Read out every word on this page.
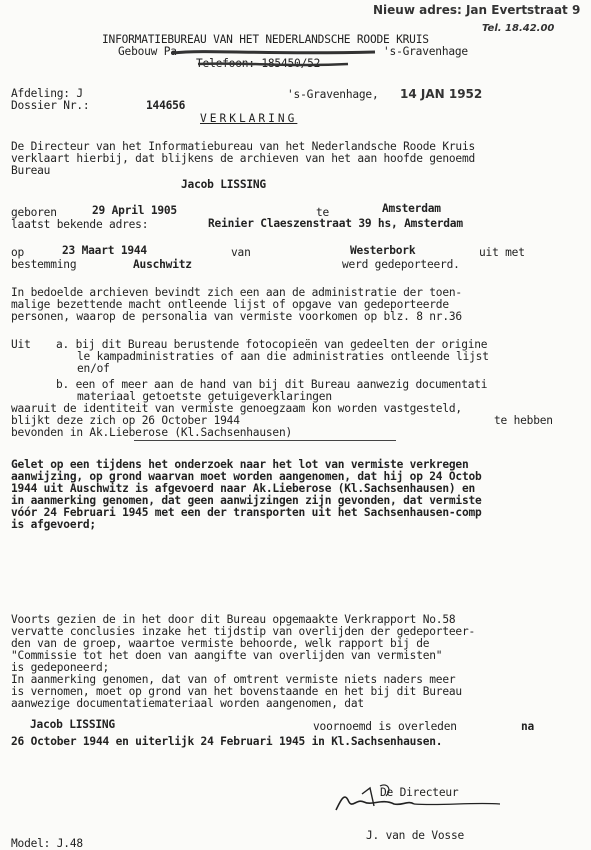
Nieuw adres: Jan Evertstraat 9
Tel. 18.42.00
INFORMATIEBUREAU VAN HET NEDERLANDSCHE ROODE KRUIS
Gebouw Pa	's-Gravenhage
Telefoon: 185450/52
Afdeling: J
Dossier Nr.:	144656
's-Gravenhage, 14 JAN 1952
VERKLARING
De Directeur van het Informatiebureau van het Nederlandsche Roode Kruis
verklaart hierbij, dat blijkens de archieven van het aan hoofde genoemd
Bureau
Jacob LISSING
geboren	29 April 1905	te	Amsterdam
laatst bekende adres:	Reinier Claeszenstraat 39 hs, Amsterdam
op	23 Maart 1944	van	Westerbork	uit met
bestemming	Auschwitz	werd gedeporteerd.
In bedoelde archieven bevindt zich een aan de administratie der toen-
malige bezettende macht ontleende lijst of opgave van gedeporteerde
personen, waarop de personalia van vermiste voorkomen op blz. 8 nr.36
Uit a. bij dit Bureau berustende fotocopieën van gedeelten der origine
le kampadministraties of aan die administraties ontleende lijst
en/of
b. een of meer aan de hand van bij dit Bureau aanwezig documentati
materiaal getoetste getuigeverklaringen
waaruit de identiteit van vermiste genoegzaam kon worden vastgesteld,
blijkt deze zich op 26 October 1944	te hebben
bevonden in Ak.Lieberose (Kl.Sachsenhausen)
Gelet op een tijdens het onderzoek naar het lot van vermiste verkregen
aanwijzing, op grond waarvan moet worden aangenomen, dat hij op 24 Octob
1944 uit Auschwitz is afgevoerd naar Ak.Lieberose (Kl.Sachsenhausen) en
in aanmerking genomen, dat geen aanwijzingen zijn gevonden, dat vermiste
vóór 24 Februari 1945 met een der transporten uit het Sachsenhausen-comp
is afgevoerd;
Voorts gezien de in het door dit Bureau opgemaakte Verkrapport No.58
vervatte conclusies inzake het tijdstip van overlijden der gedeporteer-
den van de groep, waartoe vermiste behoorde, welk rapport bij de
"Commissie tot het doen van aangifte van overlijden van vermisten"
is gedeponeerd;
In aanmerking genomen, dat van of omtrent vermiste niets naders meer
is vernomen, moet op grond van het bovenstaande en het bij dit Bureau
aanwezige documentatiemateriaal worden aangenomen, dat
Jacob LISSING	voornoemd is overleden	na
26 October 1944 en uiterlijk 24 Februari 1945 in Kl.Sachsenhausen.
De Directeur
J. van de Vosse
Model: J.48
